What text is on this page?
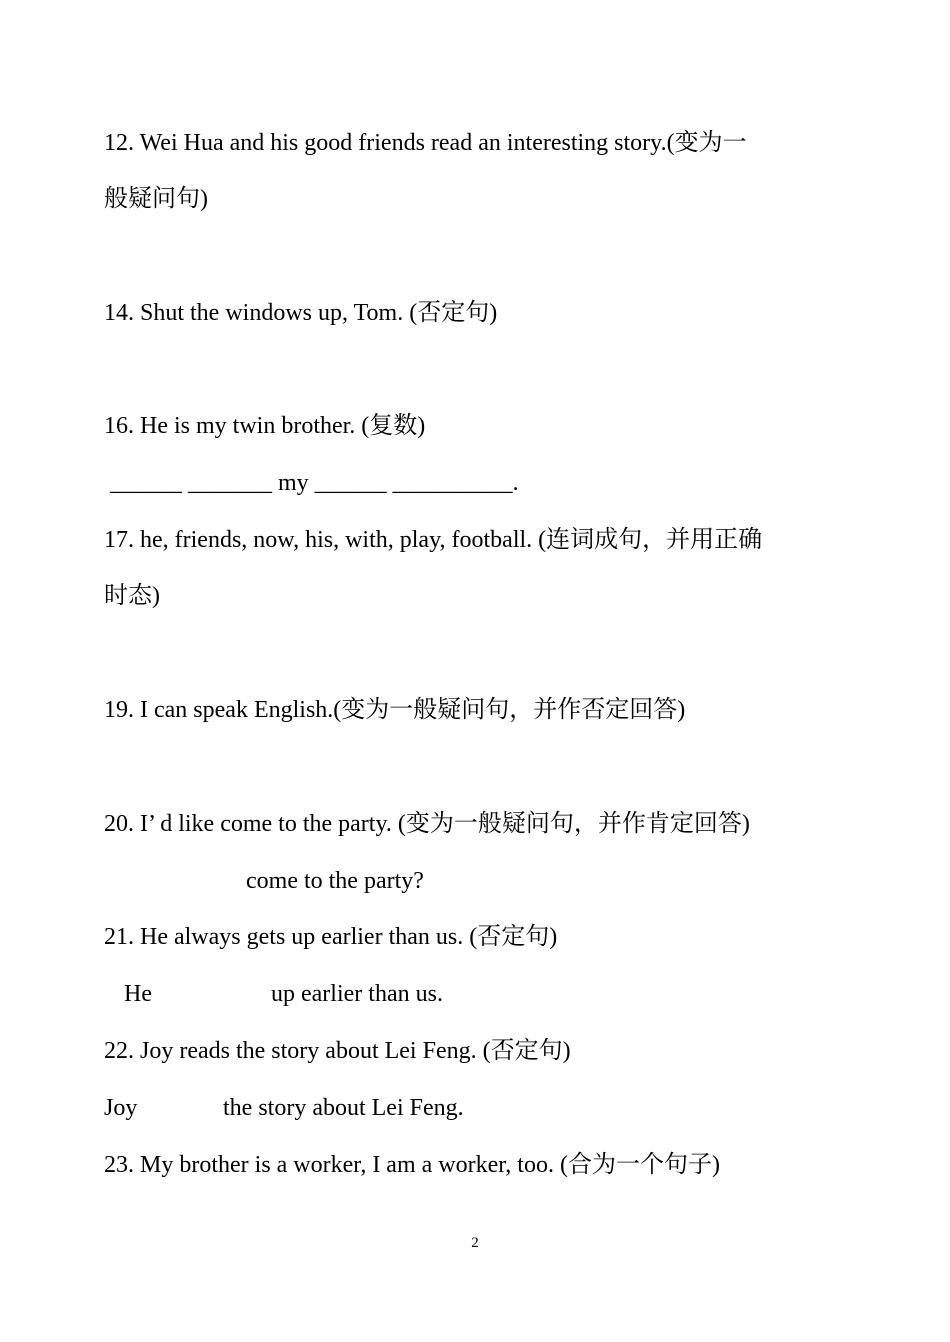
12. Wei Hua and his good friends read an interesting story.(变为一
般疑问句)
14. Shut the windows up, Tom. (否定句)
16. He is my twin brother. (复数)
______ _______ my ______ __________.
17. he, friends, now, his, with, play, football. (连词成句，并用正确
时态)
19. I can speak English.(变为一般疑问句，并作否定回答)
20. I’ d like come to the party. (变为一般疑问句，并作肯定回答)
come to the party?
21. He always gets up earlier than us. (否定句)
He	up earlier than us.
22. Joy reads the story about Lei Feng. (否定句)
Joy	the story about Lei Feng.
23. My brother is a worker, I am a worker, too. (合为一个句子)
2
